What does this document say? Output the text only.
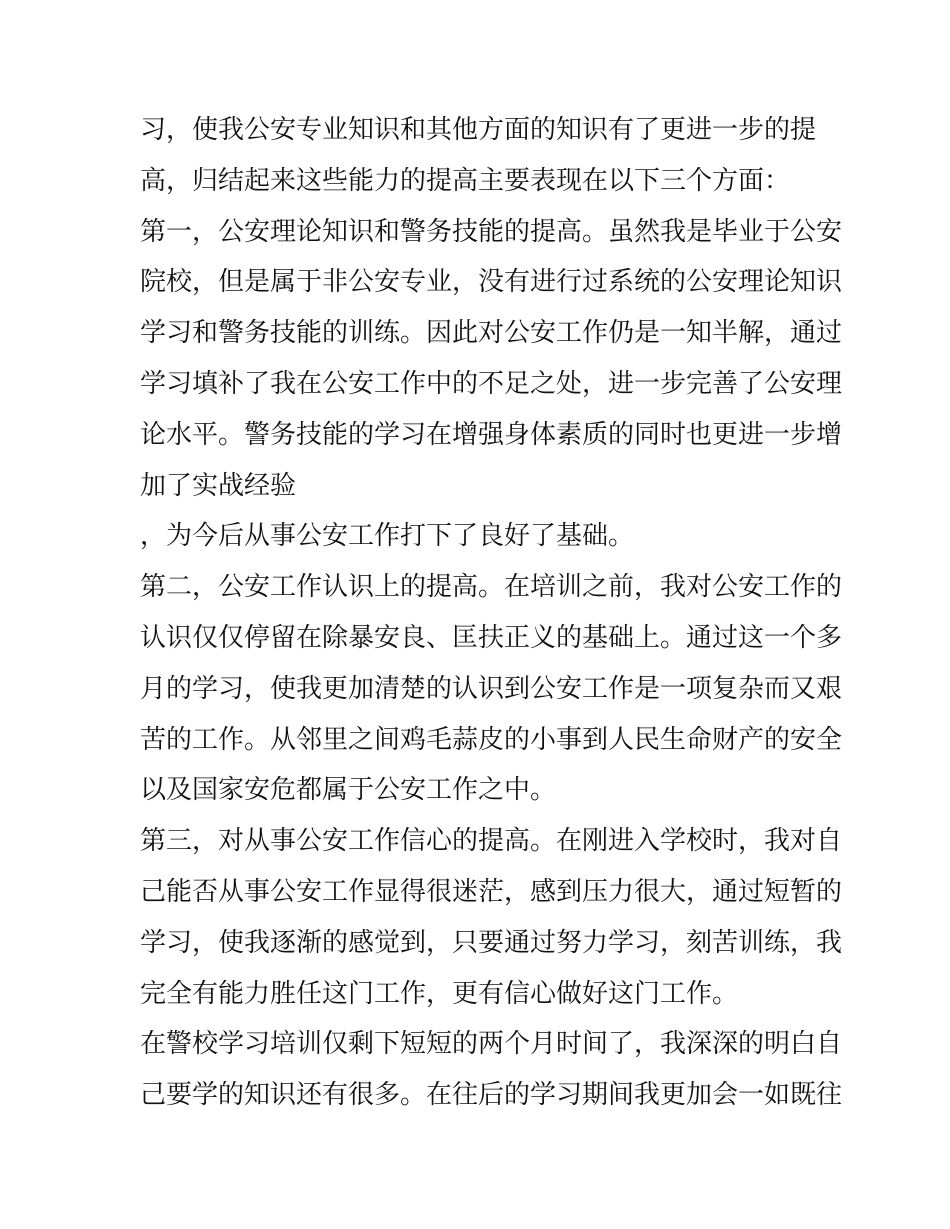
习，使我公安专业知识和其他方面的知识有了更进一步的提
高，归结起来这些能力的提高主要表现在以下三个方面：
第一，公安理论知识和警务技能的提高。虽然我是毕业于公安
院校，但是属于非公安专业，没有进行过系统的公安理论知识
学习和警务技能的训练。因此对公安工作仍是一知半解，通过
学习填补了我在公安工作中的不足之处，进一步完善了公安理
论水平。警务技能的学习在增强身体素质的同时也更进一步增
加了实战经验
，为今后从事公安工作打下了良好了基础。
第二，公安工作认识上的提高。在培训之前，我对公安工作的
认识仅仅停留在除暴安良、匡扶正义的基础上。通过这一个多
月的学习，使我更加清楚的认识到公安工作是一项复杂而又艰
苦的工作。从邻里之间鸡毛蒜皮的小事到人民生命财产的安全
以及国家安危都属于公安工作之中。
第三，对从事公安工作信心的提高。在刚进入学校时，我对自
己能否从事公安工作显得很迷茫，感到压力很大，通过短暂的
学习，使我逐渐的感觉到，只要通过努力学习，刻苦训练，我
完全有能力胜任这门工作，更有信心做好这门工作。
在警校学习培训仅剩下短短的两个月时间了，我深深的明白自
己要学的知识还有很多。在往后的学习期间我更加会一如既往
